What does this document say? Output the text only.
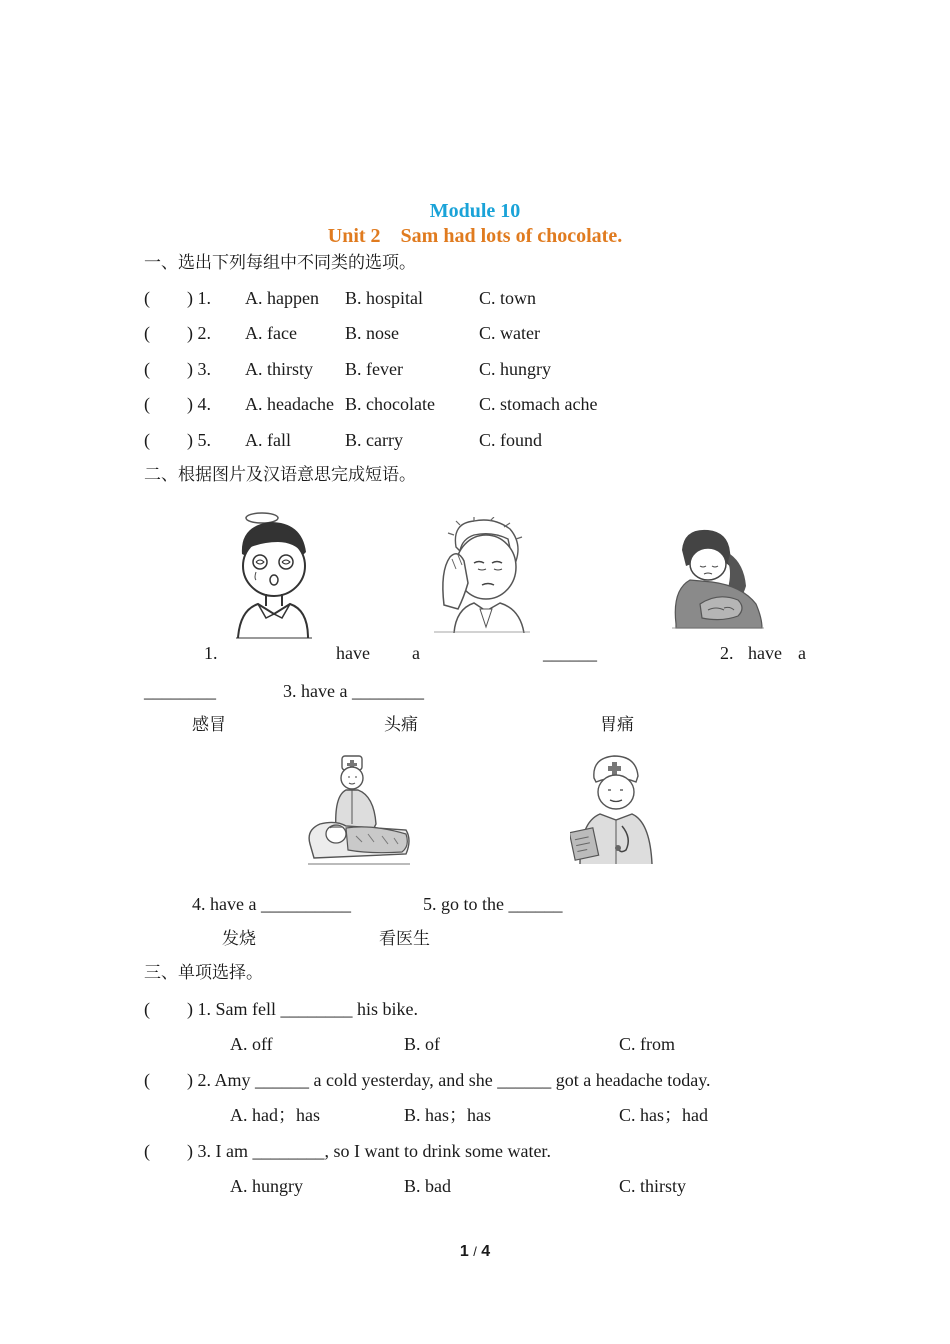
Module 10
Unit 2    Sam had lots of chocolate.
一、选出下列每组中不同类的选项。
( ) 1. A. happen B. hospital	C. town
( ) 2. A. face	B. nose	C. water
( ) 3. A. thirsty B. fever	C. hungry
( ) 4. A. headache B. chocolate C. stomach ache
( ) 5. A. fall	B. carry	C. found
二、根据图片及汉语意思完成短语。
1.	have a	______	2. have a
________	3. have a ________
感冒	头痛	胃痛
4. have a __________	5. go to the ______
发烧	看医生
三、单项选择。
( ) 1. Sam fell ________ his bike.
A. off	B. of	C. from
( ) 2. Amy ______ a cold yesterday, and she ______ got a headache today.
A. had；has	B. has；has	C. has；had
( ) 3. I am ________, so I want to drink some water.
A. hungry	B. bad	C. thirsty
1 / 4
